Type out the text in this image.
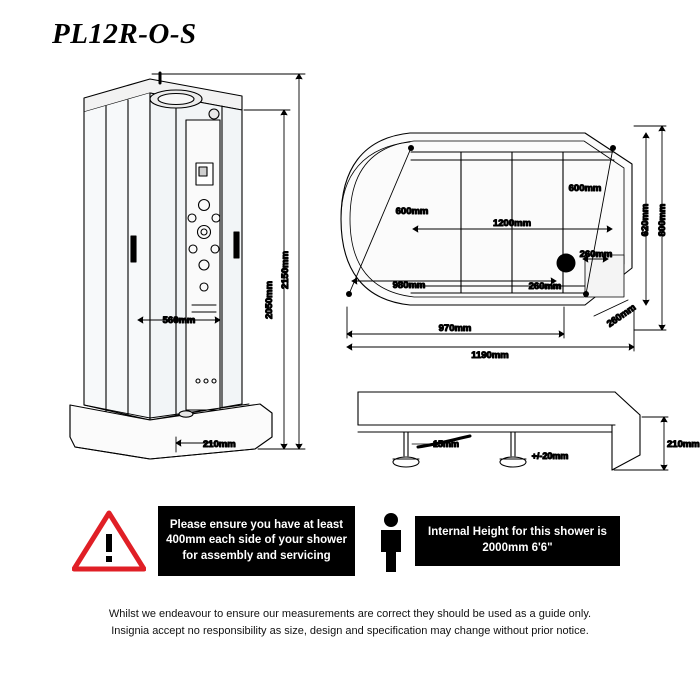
PL12R-O-S
2150mm
2050mm
560mm
210mm
600mm
600mm
1200mm
980mm
260mm
260mm
620mm 800mm
970mm	260mm
1190mm
15mm
+/-20mm
210mm
Please ensure you have at least 400mm each side of your shower for assembly and servicing
Internal Height for this shower is 2000mm 6'6"
Whilst we endeavour to ensure our measurements are correct they should be used as a guide only.
Insignia accept no responsibility as size, design and specification may change without prior notice.
